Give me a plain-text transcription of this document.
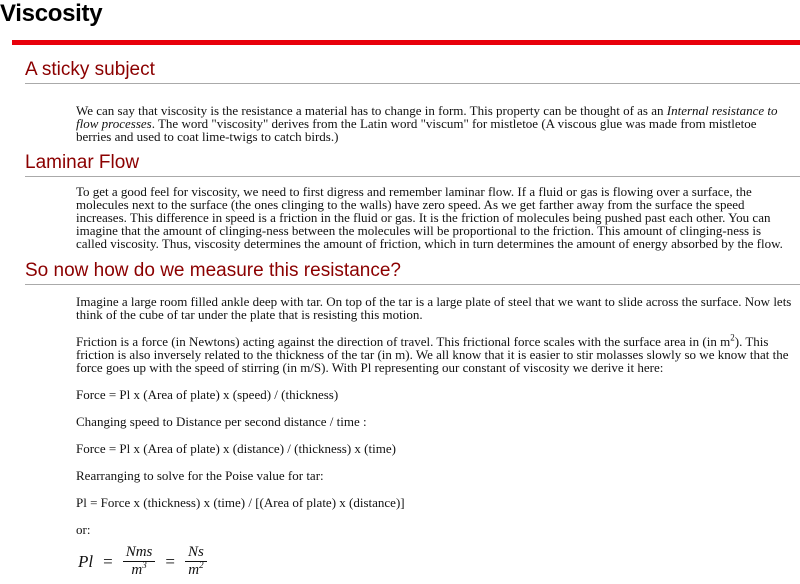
Viscosity
A sticky subject

We can say that viscosity is the resistance a material has to change in form. This property can be thought of as an Internal resistance to flow processes. The word "viscosity" derives from the Latin word "viscum" for mistletoe (A viscous glue was made from mistletoe berries and used to coat lime-twigs to catch birds.)

Laminar Flow

To get a good feel for viscosity, we need to first digress and remember laminar flow. If a fluid or gas is flowing over a surface, the molecules next to the surface (the ones clinging to the walls) have zero speed. As we get farther away from the surface the speed increases. This difference in speed is a friction in the fluid or gas. It is the friction of molecules being pushed past each other. You can imagine that the amount of clinging-ness between the molecules will be proportional to the friction. This amount of clinging-ness is called viscosity. Thus, viscosity determines the amount of friction, which in turn determines the amount of energy absorbed by the flow.

So now how do we measure this resistance?

Imagine a large room filled ankle deep with tar. On top of the tar is a large plate of steel that we want to slide across the surface. Now lets think of the cube of tar under the plate that is resisting this motion.

Friction is a force (in Newtons) acting against the direction of travel. This frictional force scales with the surface area in (in $m^2$). This friction is also inversely related to the thickness of the tar (in m). We all know that it is easier to stir molasses slowly so we know that the force goes up with the speed of stirring (in m/S). With Pl representing our constant of viscosity we derive it here:

Force = Pl x (Area of plate) x (speed) / (thickness)

Changing speed to Distance per second distance / time :

Force = Pl x (Area of plate) x (distance) / (thickness) x (time)

Rearranging to solve for the Poise value for tar:

Pl = Force x (thickness) x (time) / [(Area of plate) x (distance)]

or:

$Pl = \frac{\text{Nms}}{m^3} = \frac{Ns}{m^2}$
